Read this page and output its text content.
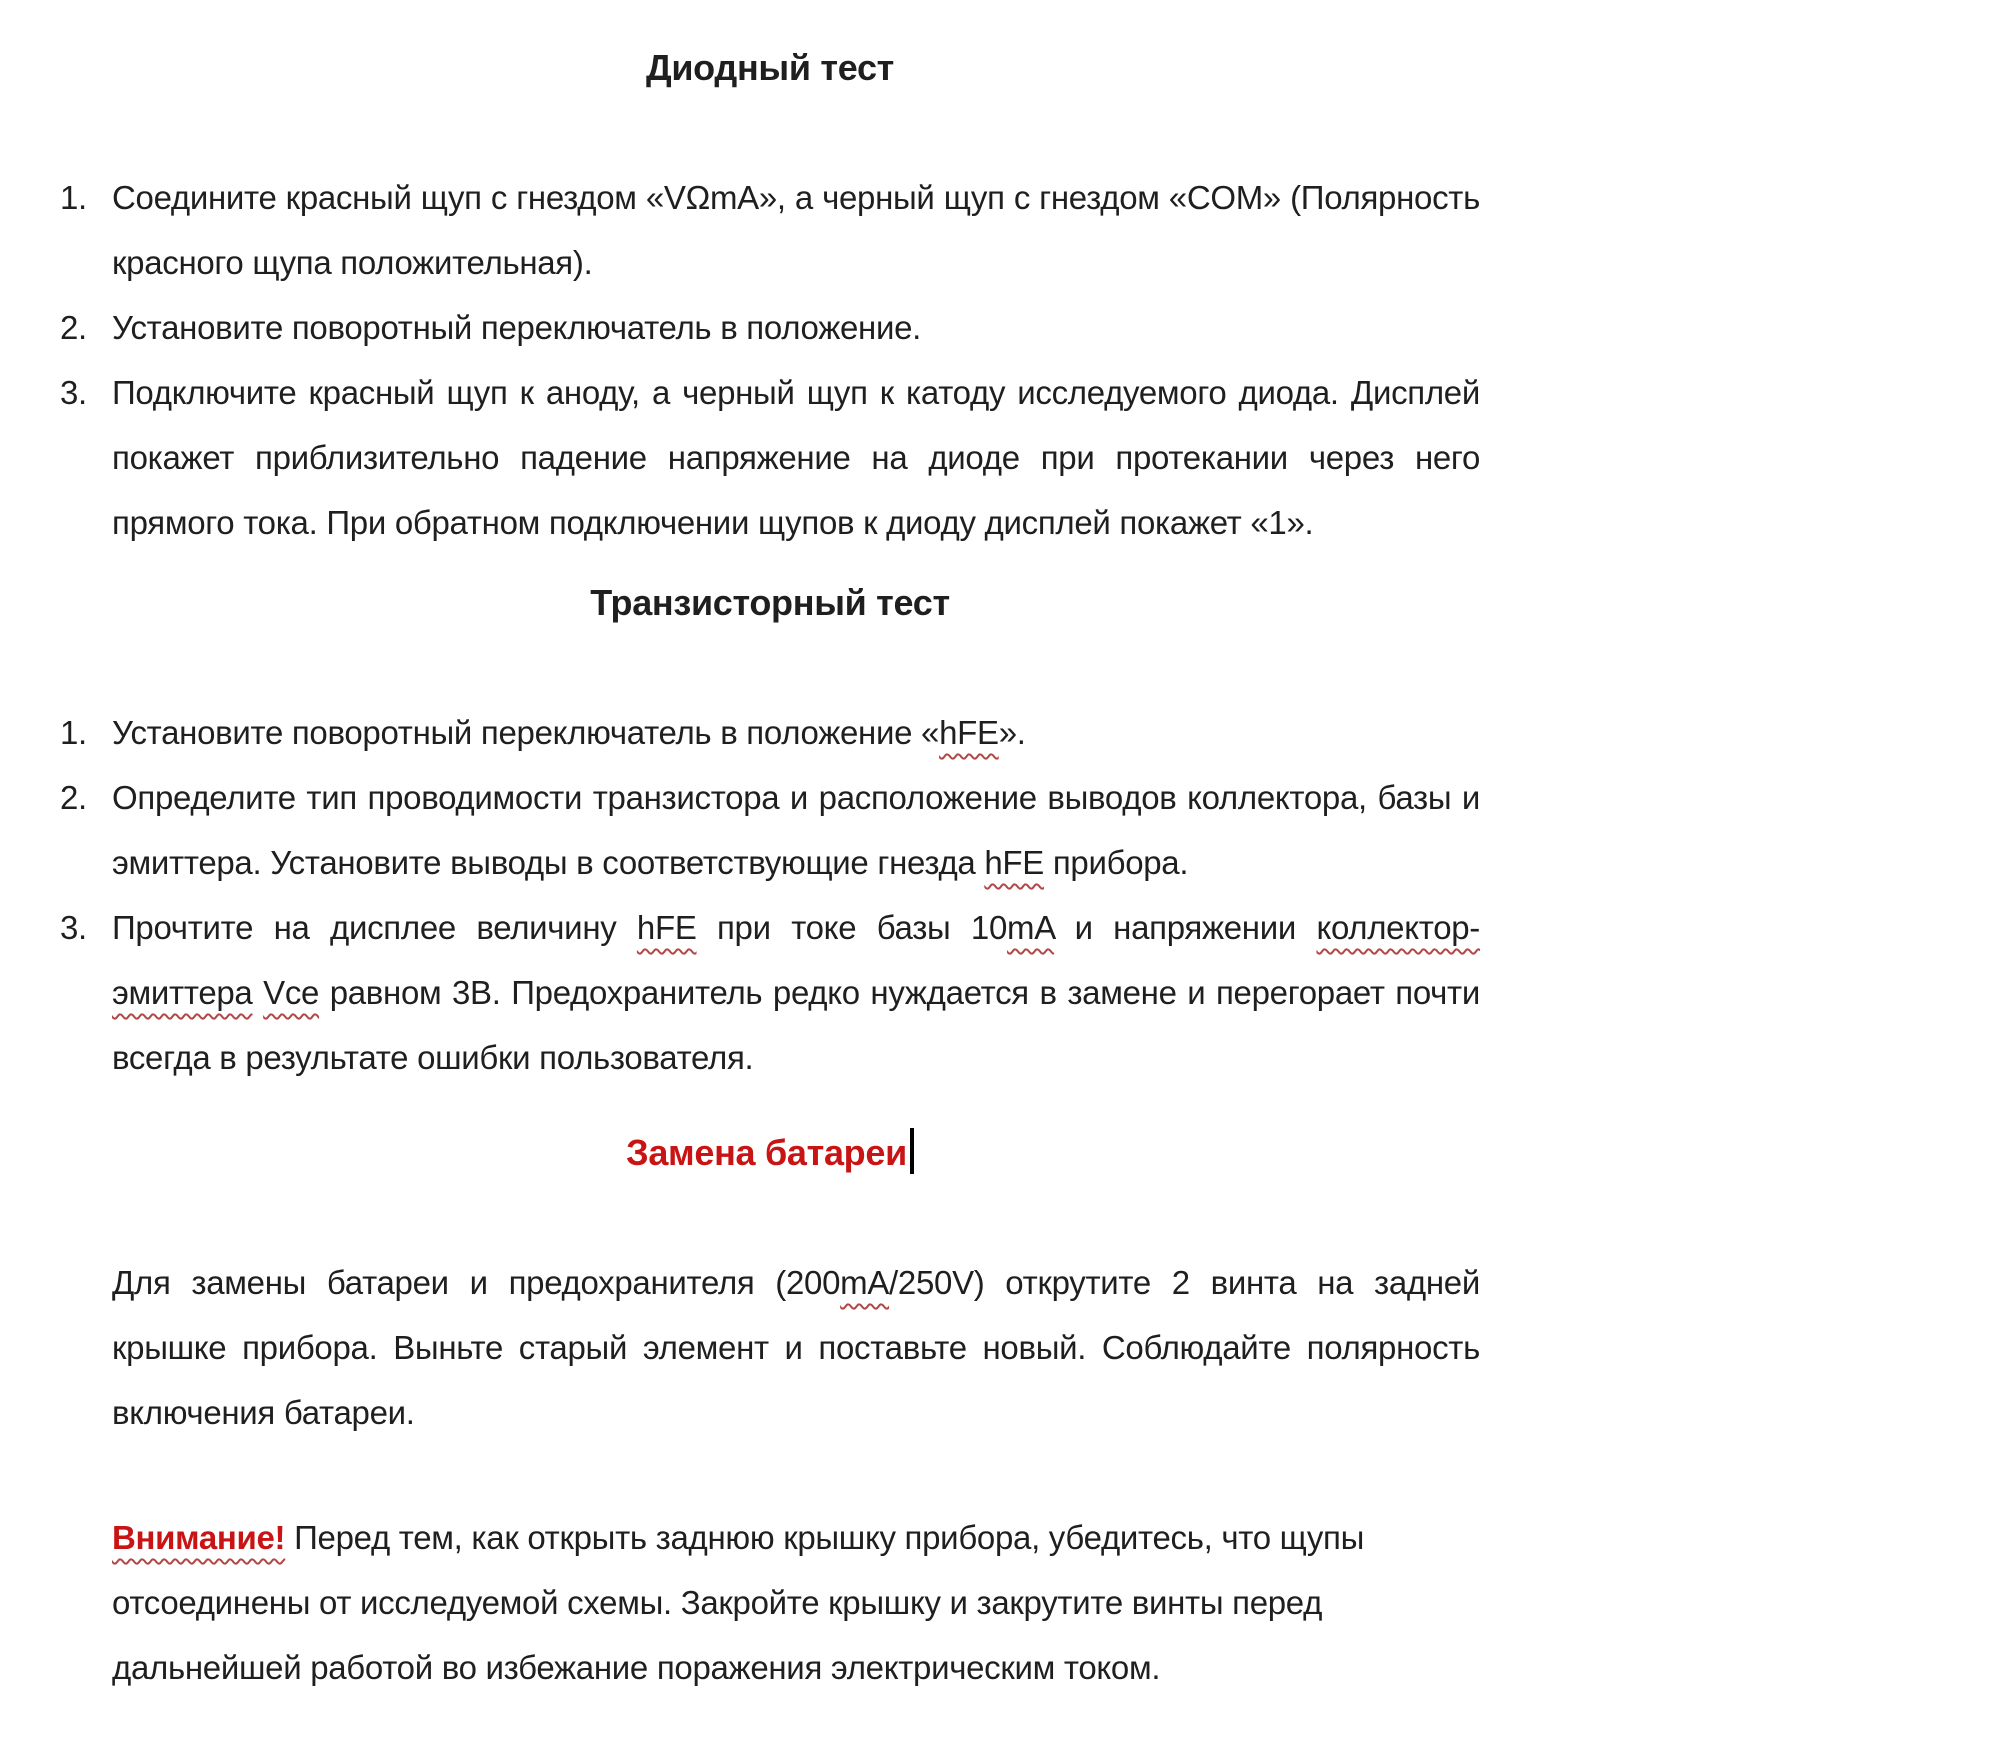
Диодный тест
1. Соедините красный щуп с гнездом «VΩmA», а черный щуп с гнездом «COM» (Полярность красного щупа положительная).
2. Установите поворотный переключатель в положение.
3. Подключите красный щуп к аноду, а черный щуп к катоду исследуемого диода. Дисплей покажет приблизительно падение напряжение на диоде при протекании через него прямого тока. При обратном подключении щупов к диоду дисплей покажет «1».
Транзисторный тест
1. Установите поворотный переключатель в положение «hFE».
2. Определите тип проводимости транзистора и расположение выводов коллектора, базы и эмиттера. Установите выводы в соответствующие гнезда hFE прибора.
3. Прочтите на дисплее величину hFE при токе базы 10mA и напряжении коллектор-эмиттера Vce равном 3В. Предохранитель редко нуждается в замене и перегорает почти всегда в результате ошибки пользователя.
Замена батареи

Для замены батареи и предохранителя (200mA/250V) открутите 2 винта на задней крышке прибора. Выньте старый элемент и поставьте новый. Соблюдайте полярность включения батареи.

Внимание! Перед тем, как открыть заднюю крышку прибора, убедитесь, что щупы отсоединены от исследуемой схемы. Закройте крышку и закрутите винты перед дальнейшей работой во избежание поражения электрическим током.
